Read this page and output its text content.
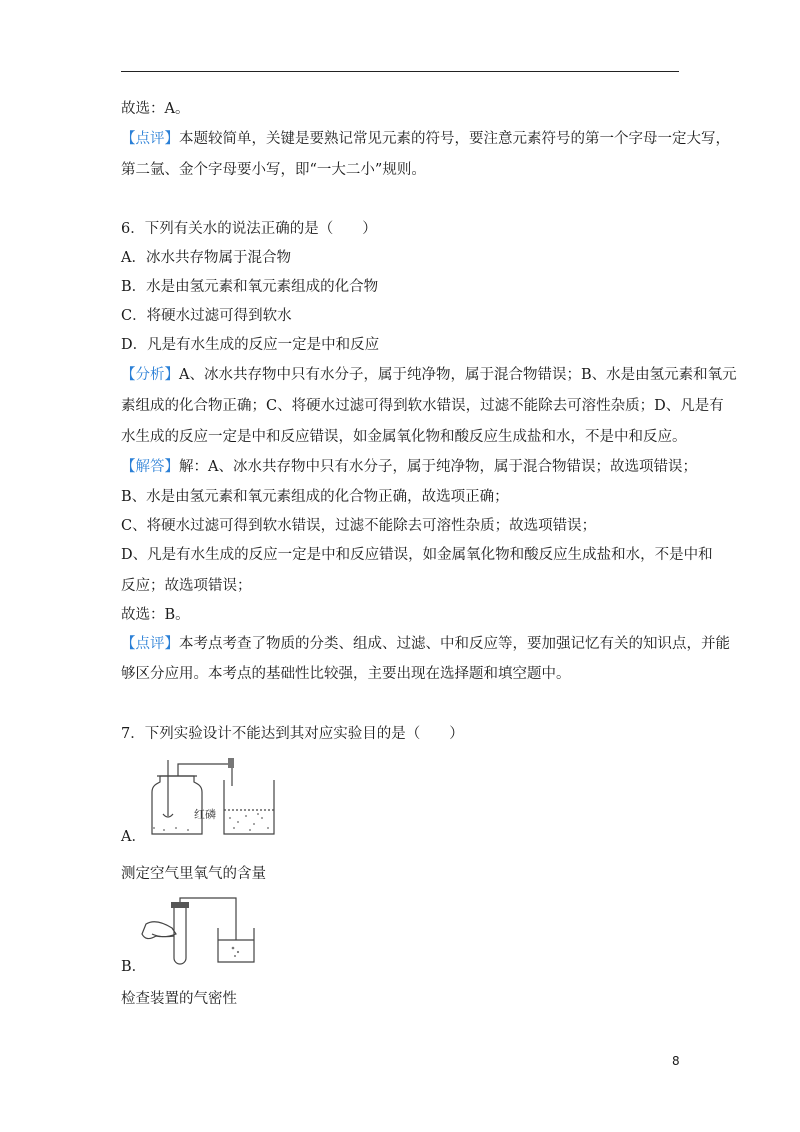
故选：A。
【点评】本题较简单，关键是要熟记常见元素的符号，要注意元素符号的第一个字母一定大写，
第二氩、金个字母要小写，即“一大二小”规则。
6．下列有关水的说法正确的是（　　）
A．冰水共存物属于混合物
B．水是由氢元素和氧元素组成的化合物
C．将硬水过滤可得到软水
D．凡是有水生成的反应一定是中和反应
【分析】A、冰水共存物中只有水分子，属于纯净物，属于混合物错误；B、水是由氢元素和氧元
素组成的化合物正确；C、将硬水过滤可得到软水错误，过滤不能除去可溶性杂质；D、凡是有
水生成的反应一定是中和反应错误，如金属氧化物和酸反应生成盐和水，不是中和反应。
【解答】解：A、冰水共存物中只有水分子，属于纯净物，属于混合物错误；故选项错误；
B、水是由氢元素和氧元素组成的化合物正确，故选项正确；
C、将硬水过滤可得到软水错误，过滤不能除去可溶性杂质；故选项错误；
D、凡是有水生成的反应一定是中和反应错误，如金属氧化物和酸反应生成盐和水，不是中和
反应；故选项错误；
故选：B。
【点评】本考点考查了物质的分类、组成、过滤、中和反应等，要加强记忆有关的知识点，并能
够区分应用。本考点的基础性比较强，主要出现在选择题和填空题中。
7．下列实验设计不能达到其对应实验目的是（　　）
红磷
A．
测定空气里氧气的含量
B．
检查装置的气密性
8
